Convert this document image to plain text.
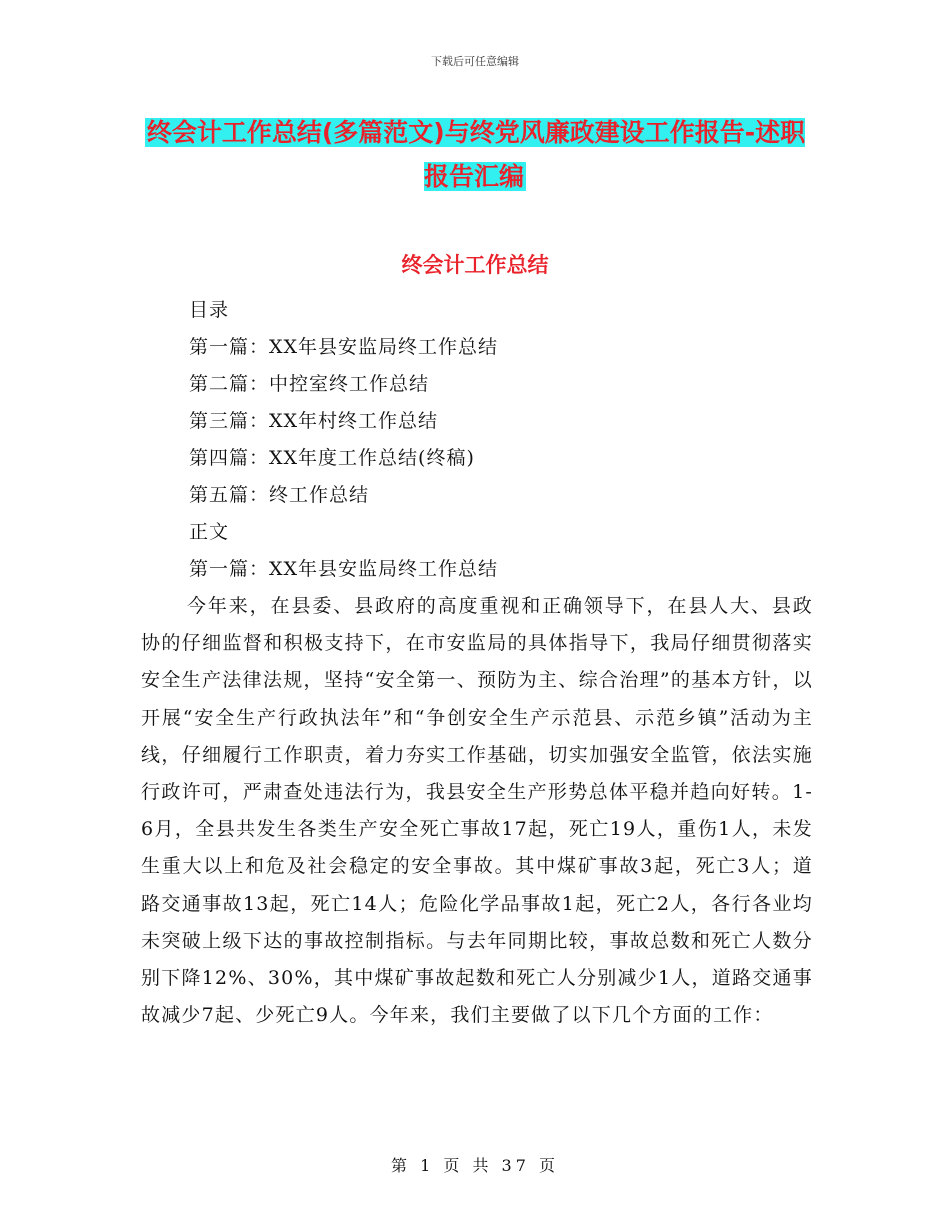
下载后可任意编辑
终会计工作总结(多篇范文)与终党风廉政建设工作报告-述职报告汇编
终会计工作总结
目录
第一篇：XX年县安监局终工作总结
第二篇：中控室终工作总结
第三篇：XX年村终工作总结
第四篇：XX年度工作总结(终稿)
第五篇：终工作总结
正文
第一篇：XX年县安监局终工作总结
今年来，在县委、县政府的高度重视和正确领导下，在县人大、县政协的仔细监督和积极支持下，在市安监局的具体指导下，我局仔细贯彻落实安全生产法律法规，坚持“安全第一、预防为主、综合治理”的基本方针，以开展“安全生产行政执法年”和“争创安全生产示范县、示范乡镇”活动为主线，仔细履行工作职责，着力夯实工作基础，切实加强安全监管，依法实施行政许可，严肃查处违法行为，我县安全生产形势总体平稳并趋向好转。1-6月，全县共发生各类生产安全死亡事故17起，死亡19人，重伤1人，未发生重大以上和危及社会稳定的安全事故。其中煤矿事故3起，死亡3人；道路交通事故13起，死亡14人；危险化学品事故1起，死亡2人，各行各业均未突破上级下达的事故控制指标。与去年同期比较，事故总数和死亡人数分别下降12%、30%，其中煤矿事故起数和死亡人分别减少1人，道路交通事故减少7起、少死亡9人。今年来，我们主要做了以下几个方面的工作：
第 1 页 共 37 页
